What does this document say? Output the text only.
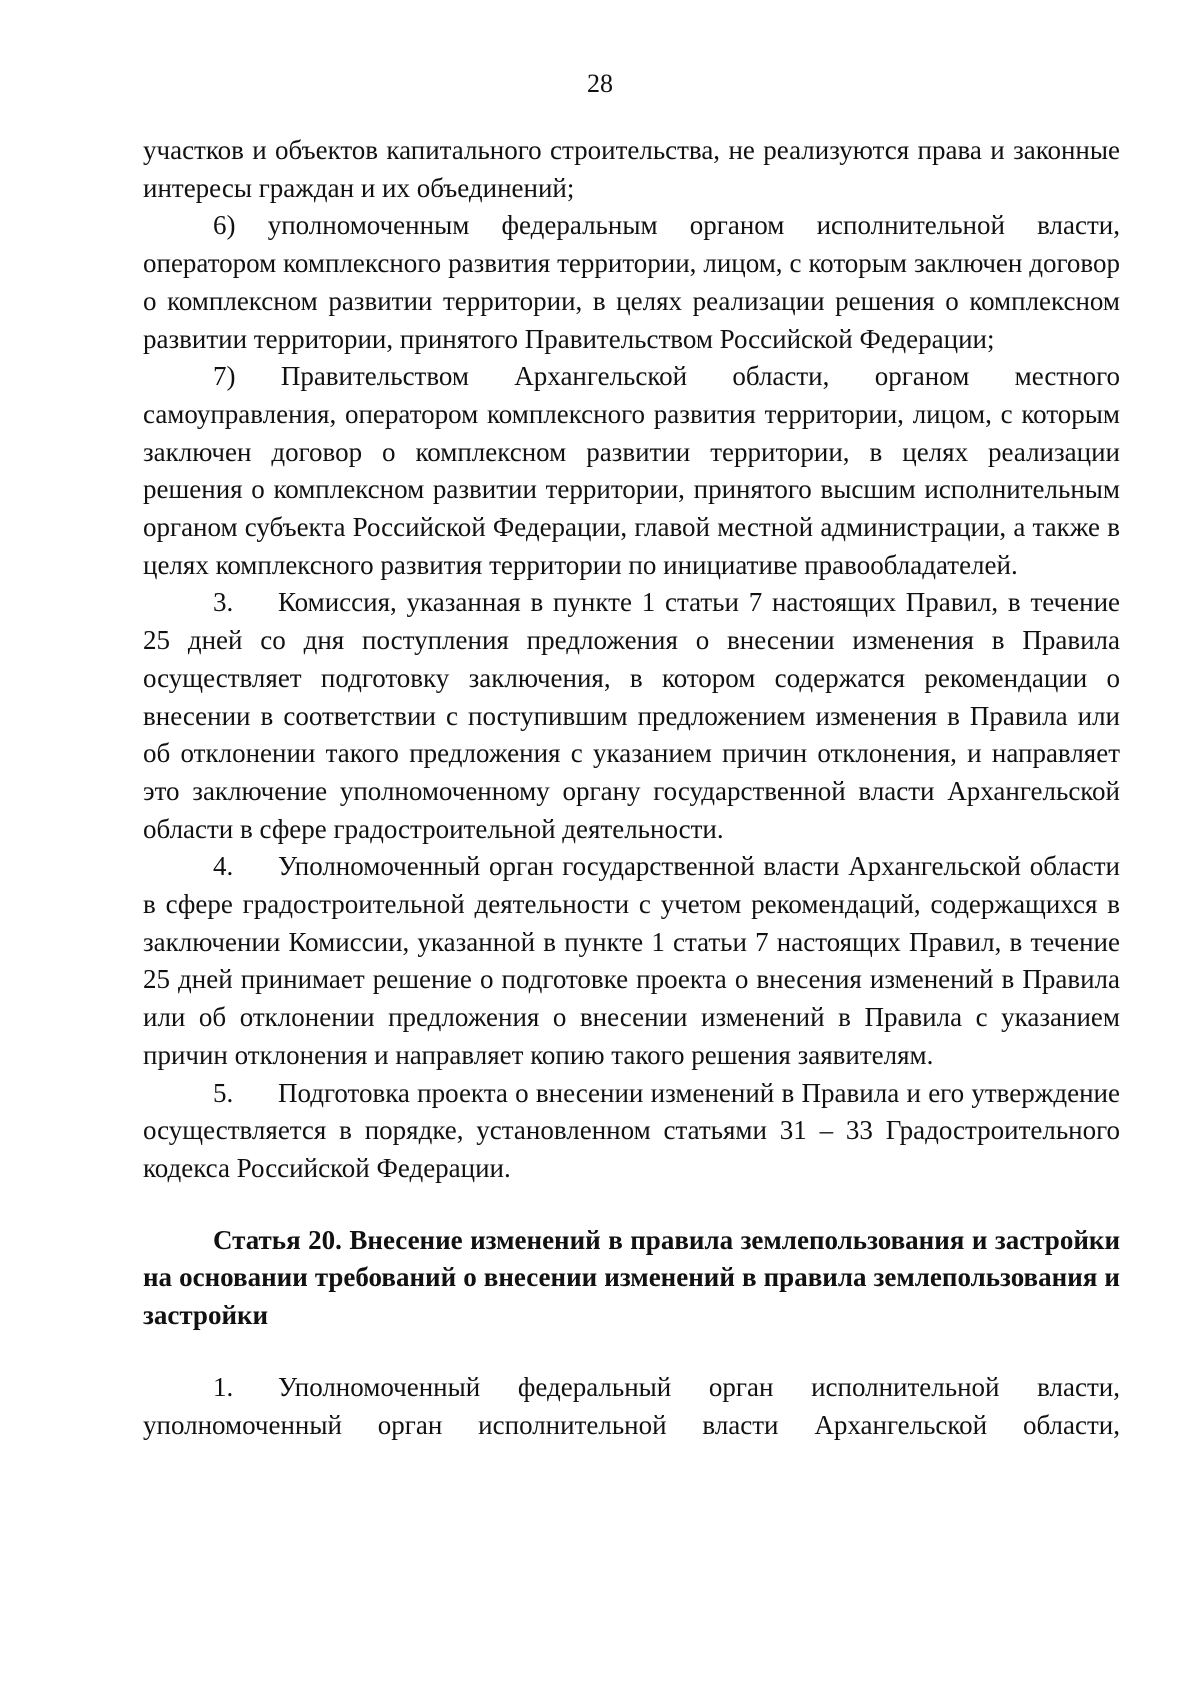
28

участков и объектов капитального строительства, не реализуются права и законные интересы граждан и их объединений;

6) уполномоченным федеральным органом исполнительной власти, оператором комплексного развития территории, лицом, с которым заключен договор о комплексном развитии территории, в целях реализации решения о комплексном развитии территории, принятого Правительством Российской Федерации;

7) Правительством Архангельской области, органом местного самоуправления, оператором комплексного развития территории, лицом, с которым заключен договор о комплексном развитии территории, в целях реализации решения о комплексном развитии территории, принятого высшим исполнительным органом субъекта Российской Федерации, главой местной администрации, а также в целях комплексного развития территории по инициативе правообладателей.

3. Комиссия, указанная в пункте 1 статьи 7 настоящих Правил, в течение 25 дней со дня поступления предложения о внесении изменения в Правила осуществляет подготовку заключения, в котором содержатся рекомендации о внесении в соответствии с поступившим предложением изменения в Правила или об отклонении такого предложения с указанием причин отклонения, и направляет это заключение уполномоченному органу государственной власти Архангельской области в сфере градостроительной деятельности.

4. Уполномоченный орган государственной власти Архангельской области в сфере градостроительной деятельности с учетом рекомендаций, содержащихся в заключении Комиссии, указанной в пункте 1 статьи 7 настоящих Правил, в течение 25 дней принимает решение о подготовке проекта о внесения изменений в Правила или об отклонении предложения о внесении изменений в Правила с указанием причин отклонения и направляет копию такого решения заявителям.

5. Подготовка проекта о внесении изменений в Правила и его утверждение осуществляется в порядке, установленном статьями 31 – 33 Градостроительного кодекса Российской Федерации.

Статья 20. Внесение изменений в правила землепользования и застройки на основании требований о внесении изменений в правила землепользования и застройки

1. Уполномоченный федеральный орган исполнительной власти, уполномоченный орган исполнительной власти Архангельской области,
